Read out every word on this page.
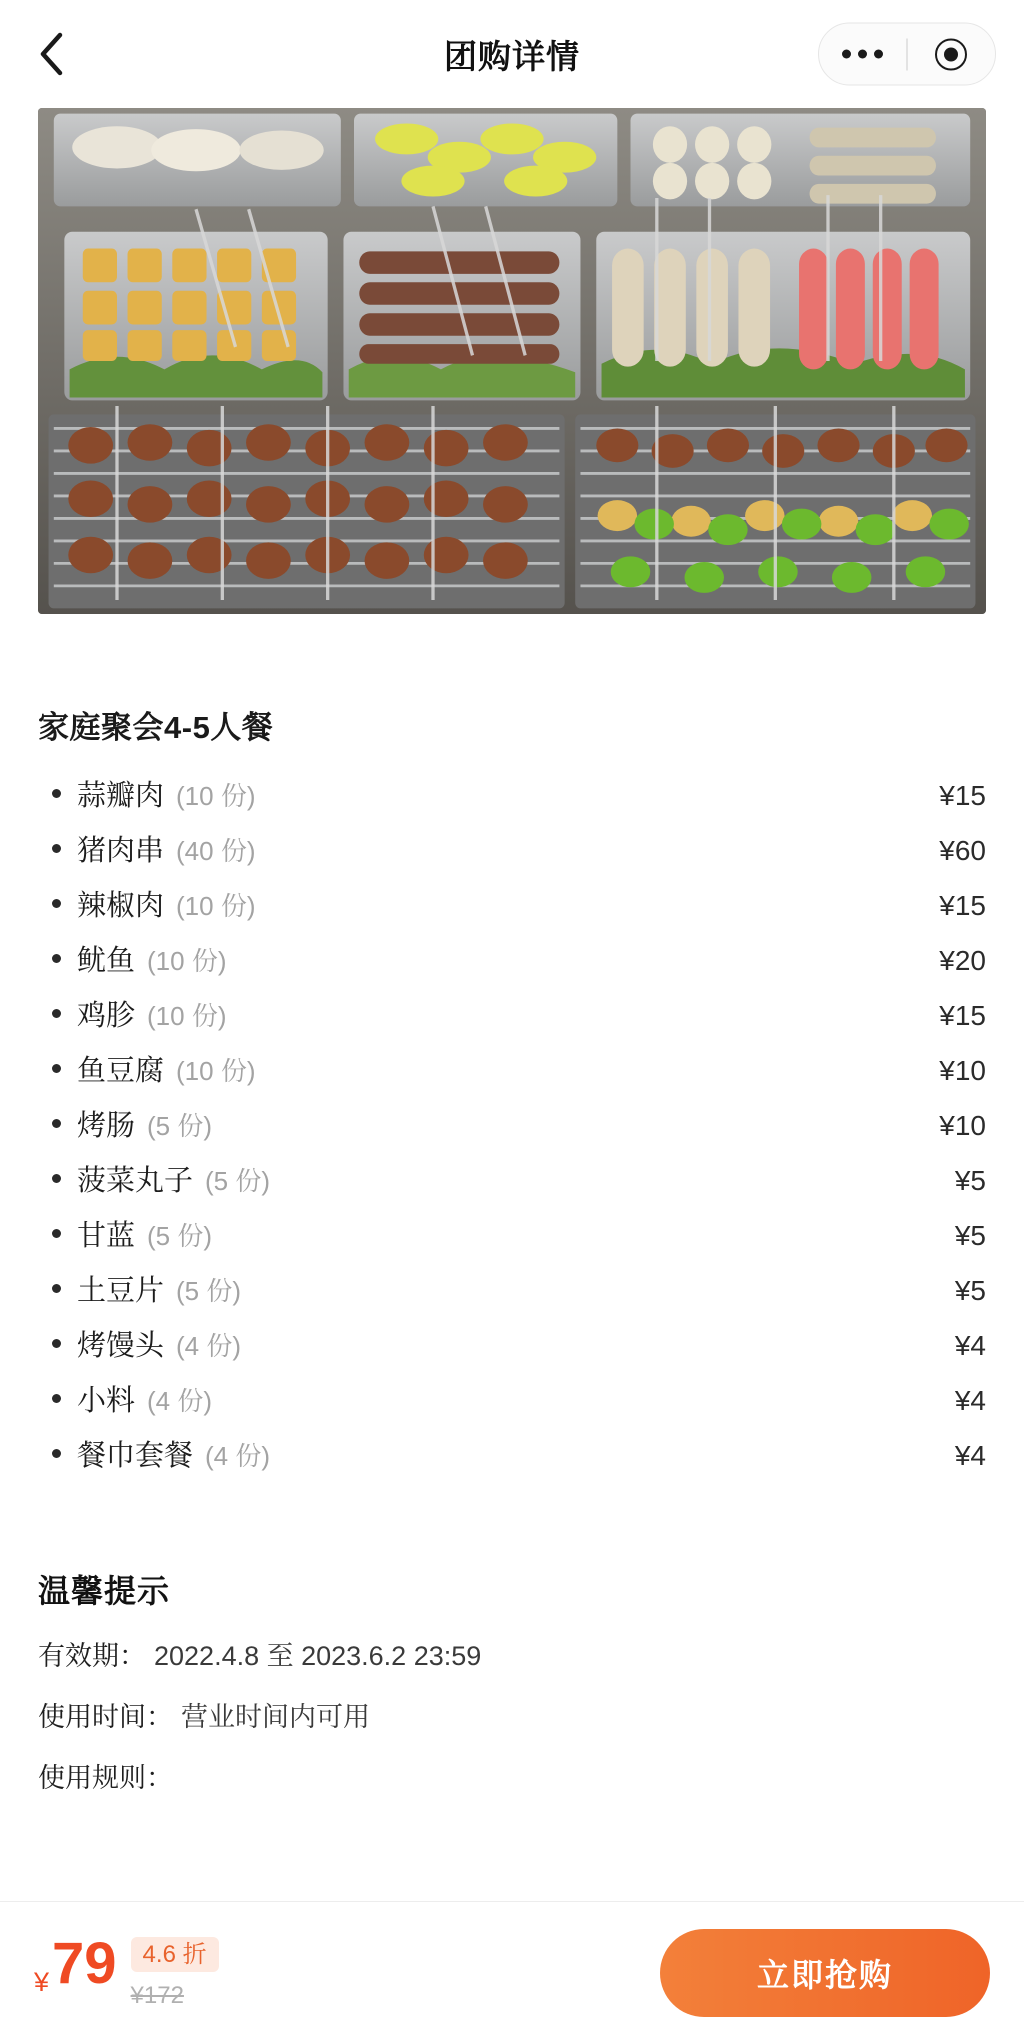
团购详情
家庭聚会4-5人餐
蒜瓣肉 (10 份)	¥15
猪肉串 (40 份)	¥60
辣椒肉 (10 份)	¥15
鱿鱼 (10 份)	¥20
鸡胗 (10 份)	¥15
鱼豆腐 (10 份)	¥10
烤肠 (5 份)	¥10
菠菜丸子 (5 份)	¥5
甘蓝 (5 份)	¥5
土豆片 (5 份)	¥5
烤馒头 (4 份)	¥4
小料 (4 份)	¥4
餐巾套餐 (4 份)	¥4
温馨提示
有效期： 2022.4.8 至 2023.6.2 23:59
使用时间： 营业时间内可用
使用规则：
¥ 79	4.6 折
¥172
立即抢购
